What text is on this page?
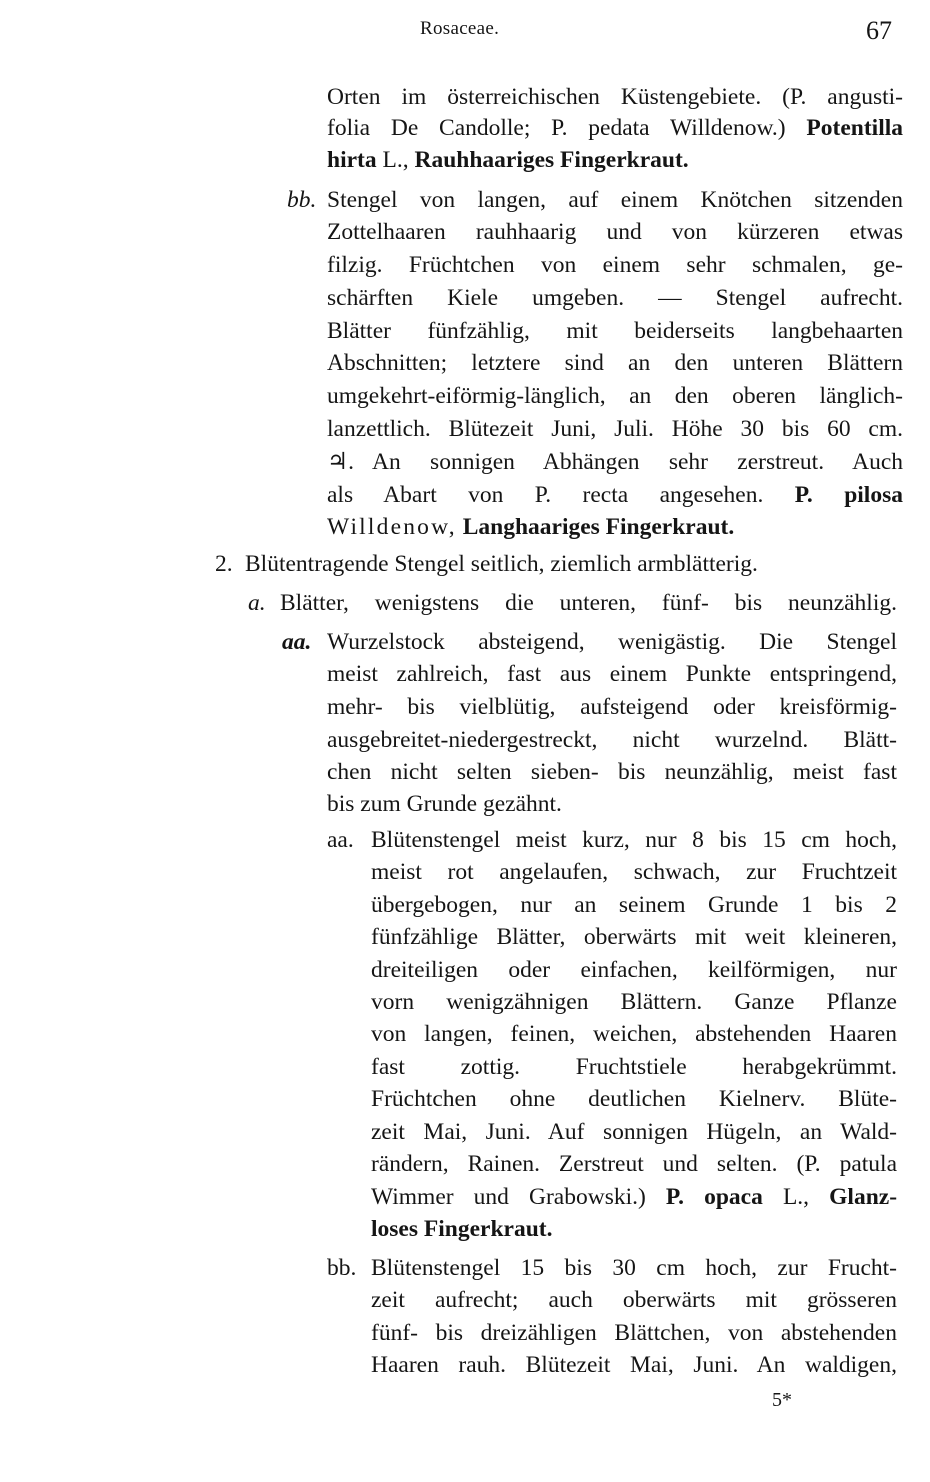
Rosaceae.	67
Orten im österreichischen Küstengebiete. (P. angusti-
folia De Candolle; P. pedata Willdenow.) Potentilla
hirta L., Rauhhaariges Fingerkraut.
bb. Stengel von langen, auf einem Knötchen sitzenden
Zottelhaaren rauhhaarig und von kürzeren etwas
filzig. Früchtchen von einem sehr schmalen, ge-
schärften Kiele umgeben. — Stengel aufrecht.
Blätter fünfzählig, mit beiderseits langbehaarten
Abschnitten; letztere sind an den unteren Blättern
umgekehrt-eiförmig-länglich, an den oberen länglich-
lanzettlich. Blütezeit Juni, Juli. Höhe 30 bis 60 cm.
♃. An sonnigen Abhängen sehr zerstreut. Auch
als Abart von P. recta angesehen. P. pilosa
Willdenow, Langhaariges Fingerkraut.
2. Blütentragende Stengel seitlich, ziemlich armblätterig.
a. Blätter, wenigstens die unteren, fünf- bis neunzählig.
aa. Wurzelstock absteigend, wenigästig. Die Stengel
meist zahlreich, fast aus einem Punkte entspringend,
mehr- bis vielblütig, aufsteigend oder kreisförmig-
ausgebreitet-niedergestreckt, nicht wurzelnd. Blätt-
chen nicht selten sieben- bis neunzählig, meist fast
bis zum Grunde gezähnt.
aa. Blütenstengel meist kurz, nur 8 bis 15 cm hoch,
meist rot angelaufen, schwach, zur Fruchtzeit
übergebogen, nur an seinem Grunde 1 bis 2
fünfzählige Blätter, oberwärts mit weit kleineren,
dreiteiligen oder einfachen, keilförmigen, nur
vorn wenigzähnigen Blättern. Ganze Pflanze
von langen, feinen, weichen, abstehenden Haaren
fast zottig. Fruchtstiele herabgekrümmt.
Früchtchen ohne deutlichen Kielnerv. Blüte-
zeit Mai, Juni. Auf sonnigen Hügeln, an Wald-
rändern, Rainen. Zerstreut und selten. (P. patula
Wimmer und Grabowski.) P. opaca L., Glanz-
loses Fingerkraut.
bb. Blütenstengel 15 bis 30 cm hoch, zur Frucht-
zeit aufrecht; auch oberwärts mit grösseren
fünf- bis dreizähligen Blättchen, von abstehenden
Haaren rauh. Blütezeit Mai, Juni. An waldigen,
5*
